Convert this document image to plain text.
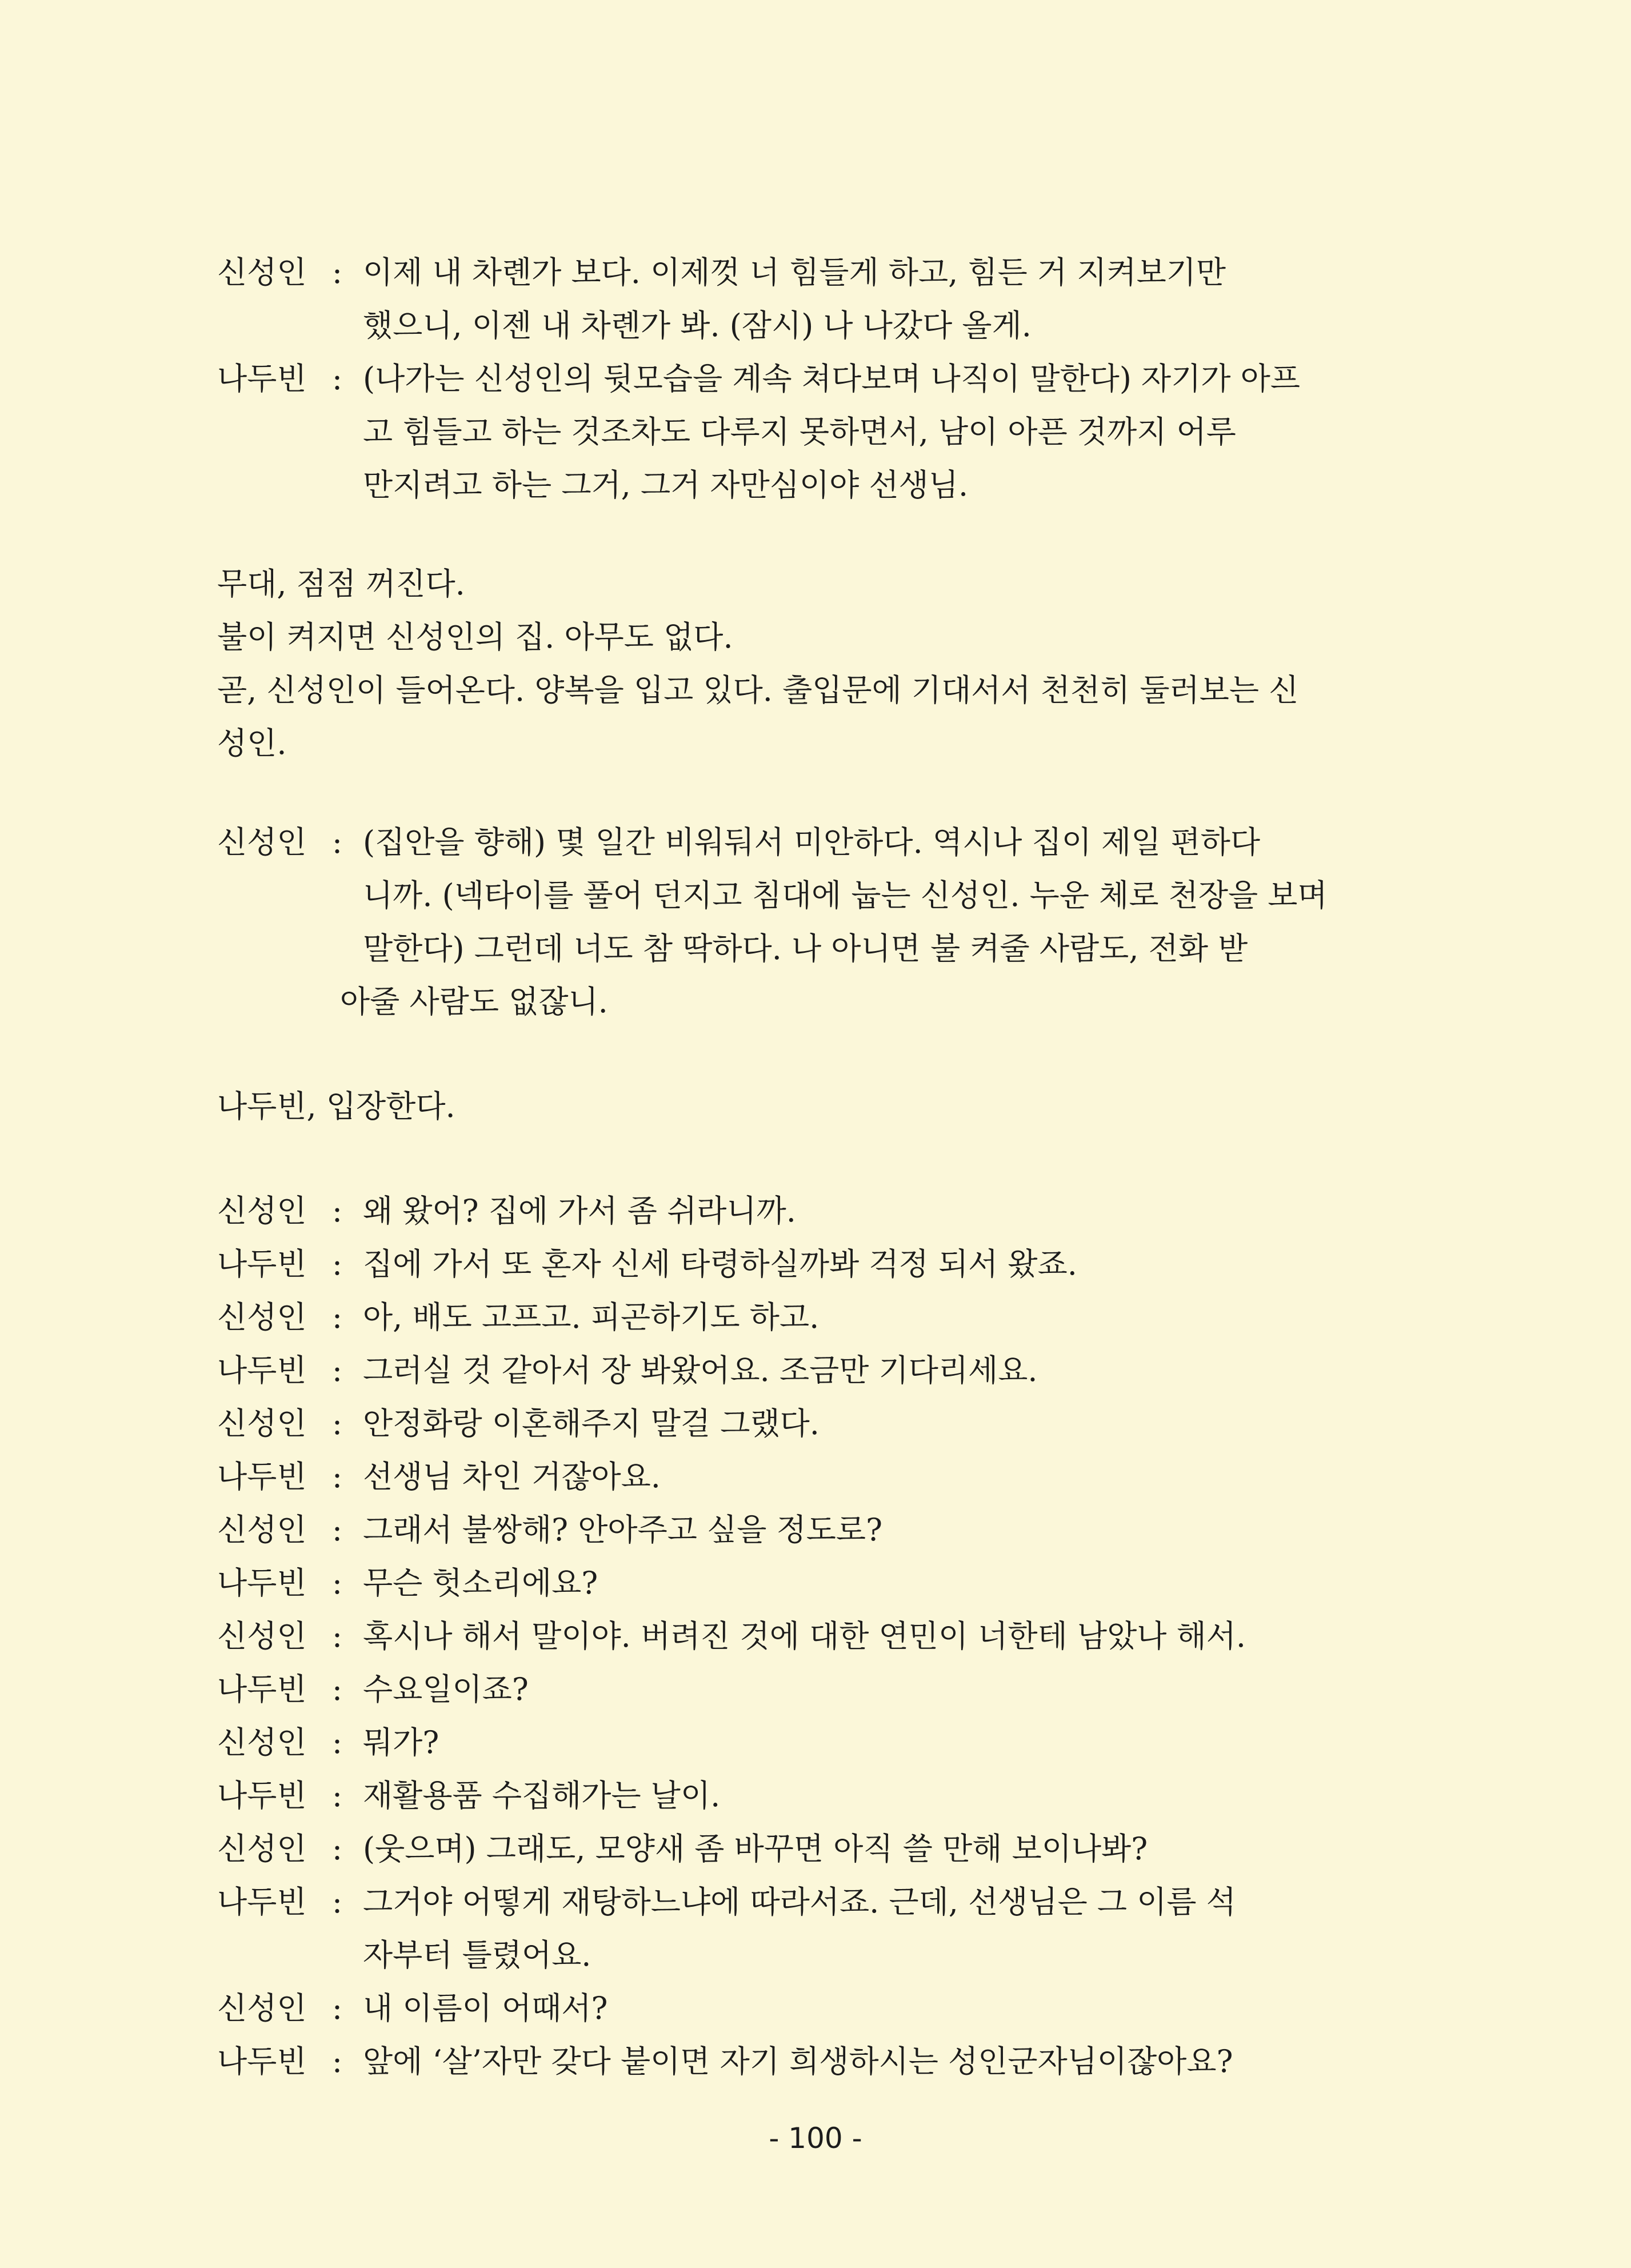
신성인 : 이제 내 차롄가 보다. 이제껏 너 힘들게 하고, 힘든 거 지켜보기만
했으니, 이젠 내 차롄가 봐. (잠시) 나 나갔다 올게.
나두빈 : (나가는 신성인의 뒷모습을 계속 쳐다보며 나직이 말한다) 자기가 아프
고 힘들고 하는 것조차도 다루지 못하면서, 남이 아픈 것까지 어루
만지려고 하는 그거, 그거 자만심이야 선생님.
무대, 점점 꺼진다.
불이 켜지면 신성인의 집. 아무도 없다.
곧, 신성인이 들어온다. 양복을 입고 있다. 출입문에 기대서서 천천히 둘러보는 신
성인.
신성인 : (집안을 향해) 몇 일간 비워둬서 미안하다. 역시나 집이 제일 편하다
니까. (넥타이를 풀어 던지고 침대에 눕는 신성인. 누운 체로 천장을 보며
말한다) 그런데 너도 참 딱하다. 나 아니면 불 켜줄 사람도, 전화 받
아줄 사람도 없잖니.
나두빈, 입장한다.
신성인 : 왜 왔어? 집에 가서 좀 쉬라니까.
나두빈 : 집에 가서 또 혼자 신세 타령하실까봐 걱정 되서 왔죠.
신성인 : 아, 배도 고프고. 피곤하기도 하고.
나두빈 : 그러실 것 같아서 장 봐왔어요. 조금만 기다리세요.
신성인 : 안정화랑 이혼해주지 말걸 그랬다.
나두빈 : 선생님 차인 거잖아요.
신성인 : 그래서 불쌍해? 안아주고 싶을 정도로?
나두빈 : 무슨 헛소리에요?
신성인 : 혹시나 해서 말이야. 버려진 것에 대한 연민이 너한테 남았나 해서.
나두빈 : 수요일이죠?
신성인 : 뭐가?
나두빈 : 재활용품 수집해가는 날이.
신성인 : (웃으며) 그래도, 모양새 좀 바꾸면 아직 쓸 만해 보이나봐?
나두빈 : 그거야 어떻게 재탕하느냐에 따라서죠. 근데, 선생님은 그 이름 석
자부터 틀렸어요.
신성인 : 내 이름이 어때서?
나두빈 : 앞에 ‘살’자만 갖다 붙이면 자기 희생하시는 성인군자님이잖아요?
- 100 -
